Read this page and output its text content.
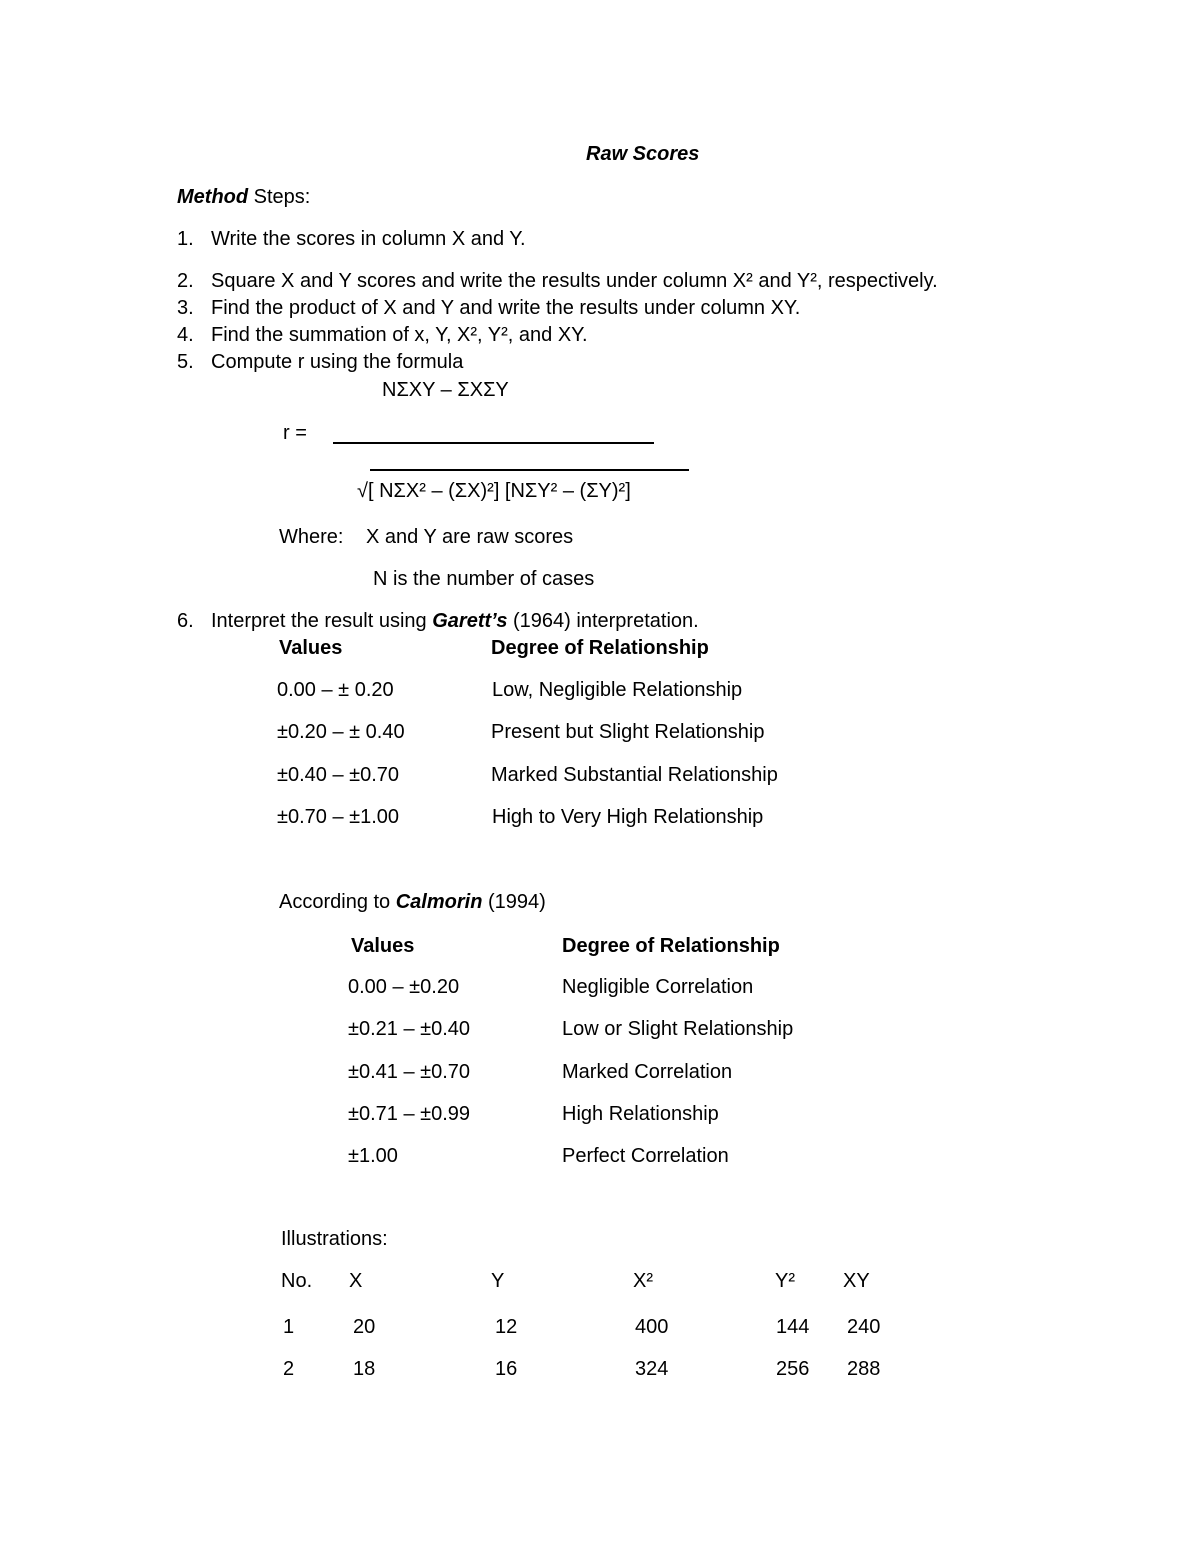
Raw Scores
Method Steps:
1. Write the scores in column X and Y.
2. Square X and Y scores and write the results under column X² and Y², respectively.
3. Find the product of X and Y and write the results under column XY.
4. Find the summation of x, Y, X², Y², and XY.
5. Compute r using the formula
NΣXY – ΣXΣY
r =
√[ NΣX² – (ΣX)²] [NΣY² – (ΣY)²]
Where: X and Y are raw scores
N is the number of cases
6. Interpret the result using Garett’s (1964) interpretation.
Values	Degree of Relationship
0.00 – ± 0.20	Low, Negligible Relationship
±0.20 – ± 0.40	Present but Slight Relationship
±0.40 – ±0.70	Marked Substantial Relationship
±0.70 – ±1.00	High to Very High Relationship
According to Calmorin (1994)
Values	Degree of Relationship
0.00 – ±0.20	Negligible Correlation
±0.21 – ±0.40	Low or Slight Relationship
±0.41 – ±0.70	Marked Correlation
±0.71 – ±0.99	High Relationship
±1.00	Perfect Correlation
Illustrations:
No. X	Y	X²	Y² XY
1	20	12	400	144 240
2	18	16	324	256 288
